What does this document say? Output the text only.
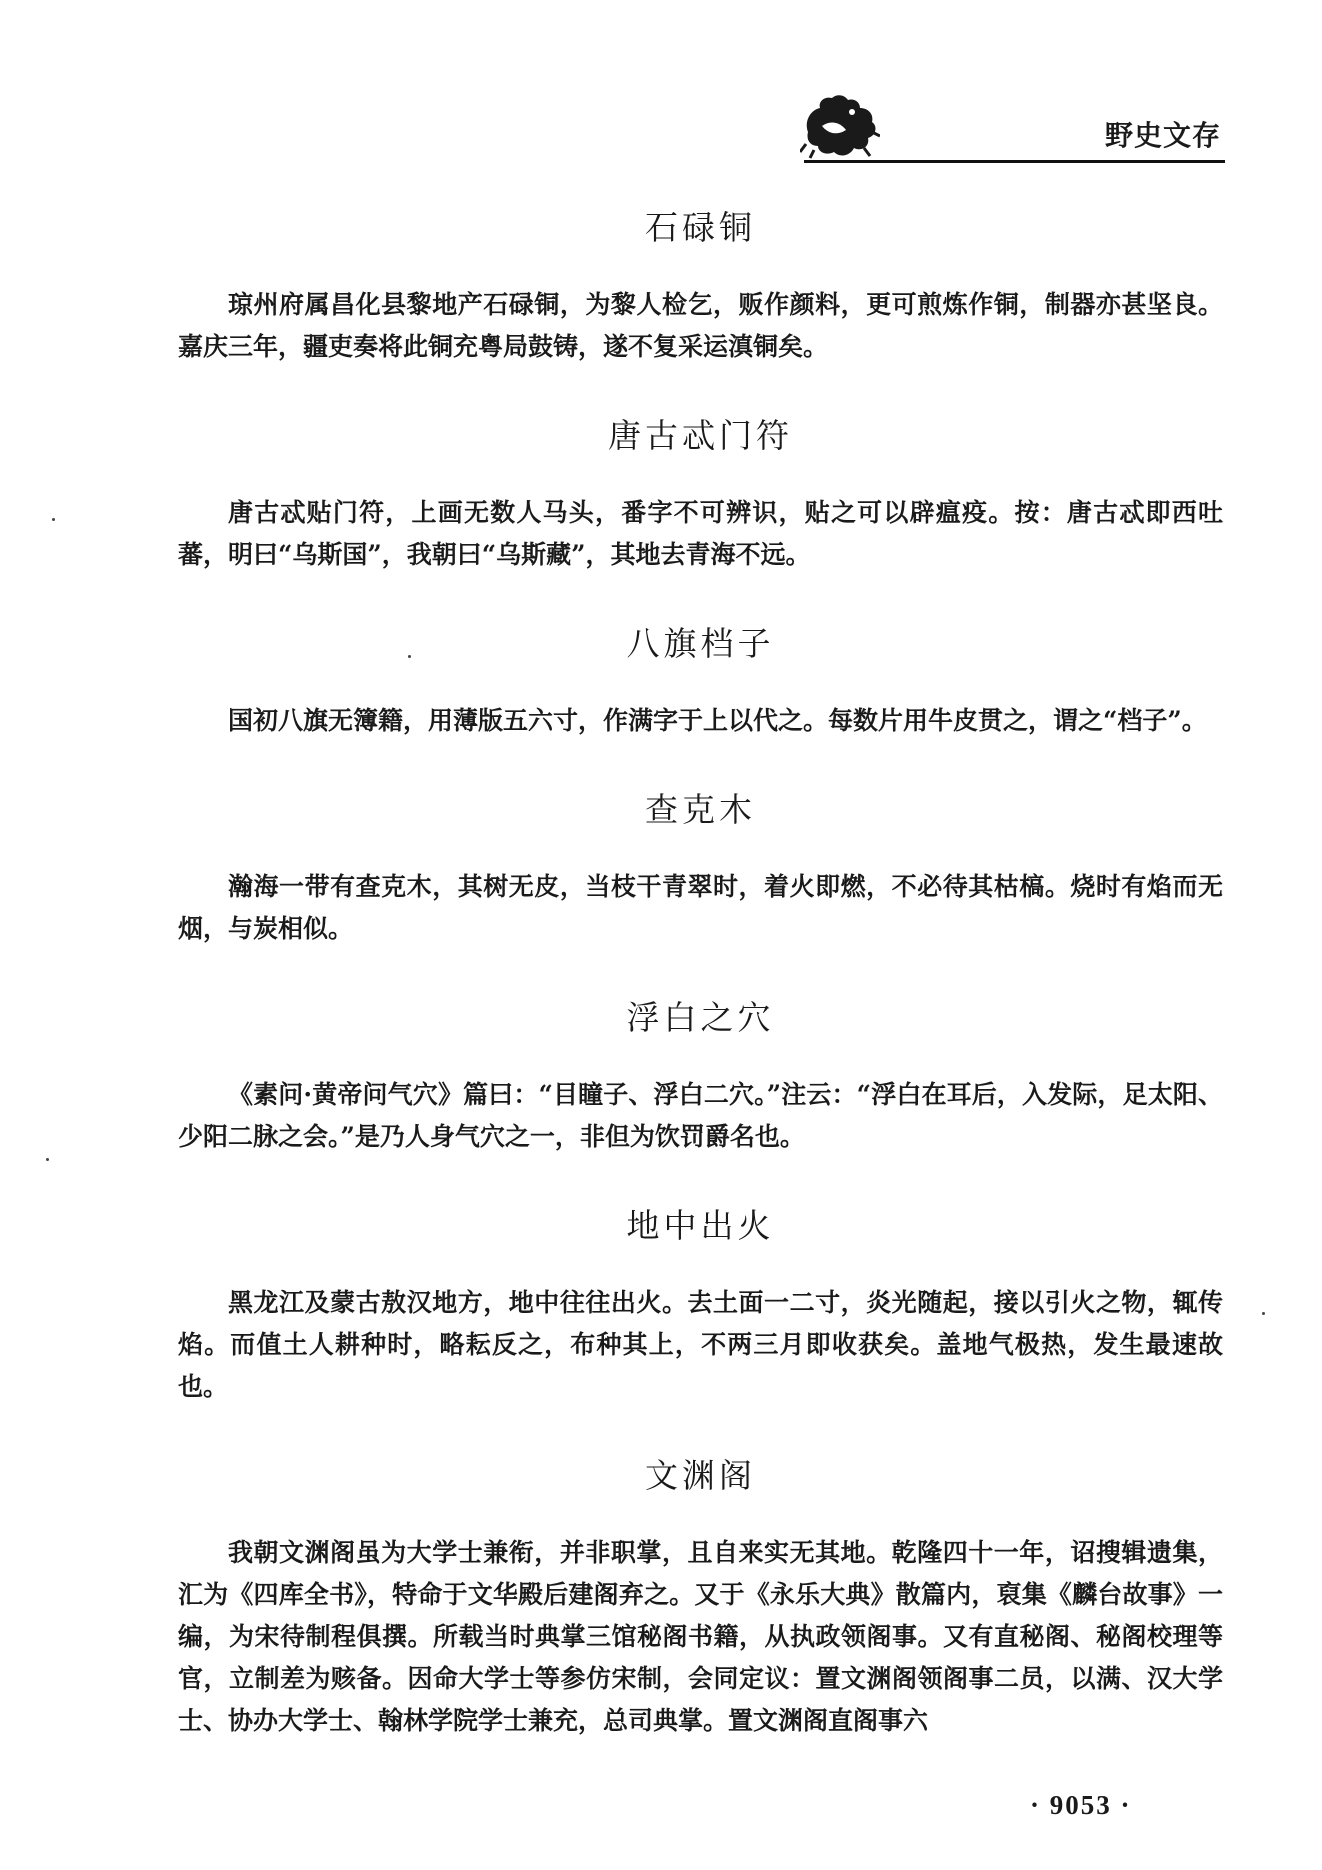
野史文存
石碌铜

琼州府属昌化县黎地产石碌铜，为黎人检乞，贩作颜料，更可煎炼作铜，制器亦甚坚良。嘉庆三年，疆吏奏将此铜充粤局鼓铸，遂不复采运滇铜矣。

唐古忒门符

唐古忒贴门符，上画无数人马头，番字不可辨识，贴之可以辟瘟疫。按：唐古忒即西吐蕃，明曰“乌斯国”，我朝曰“乌斯藏”，其地去青海不远。

八旗档子

国初八旗无簿籍，用薄版五六寸，作满字于上以代之。每数片用牛皮贯之，谓之“档子”。

查克木

瀚海一带有查克木，其树无皮，当枝干青翠时，着火即燃，不必待其枯槁。烧时有焰而无烟，与炭相似。

浮白之穴

《素问·黄帝问气穴》篇曰：“目瞳子、浮白二穴。”注云：“浮白在耳后，入发际，足太阳、少阳二脉之会。”是乃人身气穴之一，非但为饮罚爵名也。

地中出火

黑龙江及蒙古敖汉地方，地中往往出火。去土面一二寸，炎光随起，接以引火之物，辄传焰。而值土人耕种时，略耘反之，布种其上，不两三月即收获矣。盖地气极热，发生最速故也。

文渊阁

我朝文渊阁虽为大学士兼衔，并非职掌，且自来实无其地。乾隆四十一年，诏搜辑遗集，汇为《四库全书》，特命于文华殿后建阁弃之。又于《永乐大典》散篇内，裒集《麟台故事》一编，为宋待制程俱撰。所载当时典掌三馆秘阁书籍，从执政领阁事。又有直秘阁、秘阁校理等官，立制差为赅备。因命大学士等参仿宋制，会同定议：置文渊阁领阁事二员，以满、汉大学士、协办大学士、翰林学院学士兼充，总司典掌。置文渊阁直阁事六

· 9053 ·
